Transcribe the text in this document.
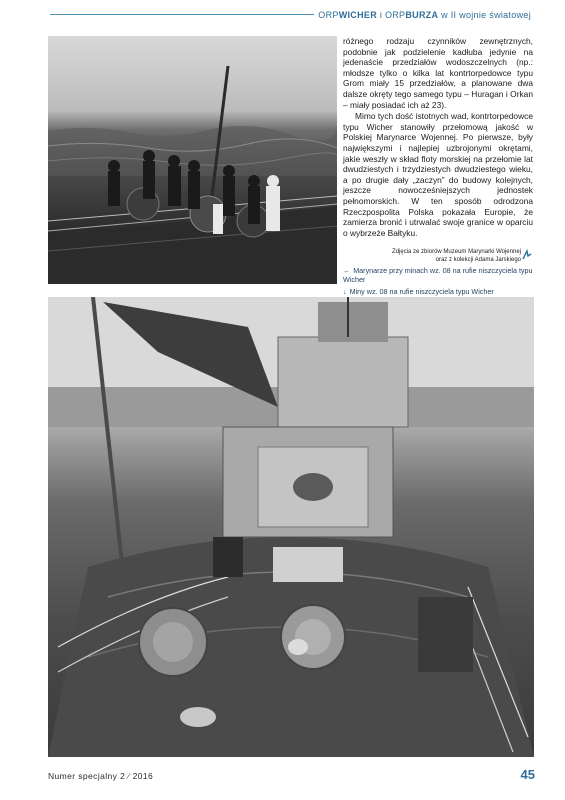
ORPWICHER i ORPBURZA w II wojnie światowej

różnego rodzaju czynników zewnętrznych, podobnie jak podzielenie kadłuba jedynie na jedenaście przedziałów wodoszczelnych (np.: młodsze tylko o kilka lat kontrtorpedowce typu Grom miały 15 przedziałów, a planowane dwa dalsze okręty tego samego typu – Huragan i Orkan – miały posiadać ich aż 23).

Mimo tych dość istotnych wad, kontrtorpedowce typu Wicher stanowiły przełomową jakość w Polskiej Marynarce Wojennej. Po pierwsze, były największymi i najlepiej uzbrojonymi okrętami, jakie weszły w skład floty morskiej na przełomie lat dwudziestych i trzydziestych dwudziestego wieku, a po drugie dały „zaczyn” do budowy kolejnych, jeszcze nowocześniejszych jednostek pełnomorskich. W ten sposób odrodzona Rzeczpospolita Polska pokazała Europie, że zamierza bronić i utrwalać swoje granice w oparciu o wybrzeże Bałtyku.

Zdjęcia ze zbiorów Muzeum Marynarki Wojennej
oraz z kolekcji Adama Jarskiego
← Marynarze przy minach wz. 08 na rufie niszczyciela typu Wicher
↓ Miny wz. 08 na rufie niszczyciela typu Wicher
Numer specjalny 2 ⁄ 2016	45
